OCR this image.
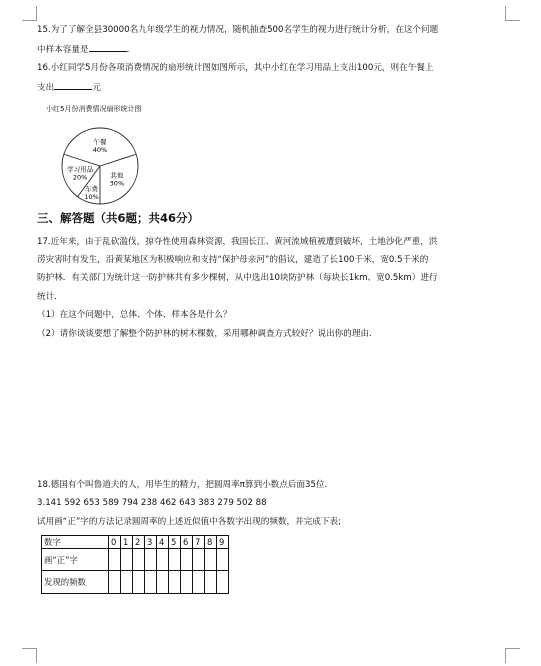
15.为了了解全县30000名九年级学生的视力情况，随机抽查500名学生的视力进行统计分析，在这个问题
中样本容量是	.
16.小红同学5月份各项消费情况的扇形统计图如图所示，其中小红在学习用品上支出100元，则在午餐上
支出	元
小红5月份消费情况扇形统计图
午餐
40%
其他
30%
车费
10%
学习用品
20%
三、解答题（共6题；共46分）
17.近年来，由于乱砍滥伐，掠夺性使用森林资源，我国长江、黄河流域植被遭到破坏，土地沙化严重，洪
涝灾害时有发生，沿黄某地区为积极响应和支持“保护母亲河”的倡议，建造了长100千米，宽0.5千米的
防护林．有关部门为统计这一防护林共有多少棵树，从中选出10块防护林（每块长1km、宽0.5km）进行
统计．
（1）在这个问题中，总体、个体、样本各是什么？
（2）请你谈谈要想了解整个防护林的树木棵数，采用哪种调查方式较好？说出你的理由．
18.德国有个叫鲁道夫的人，用毕生的精力，把圆周率π算到小数点后面35位．
3.141 592 653 589 794 238 462 643 383 279 502 88
试用画“正”字的方法记录圆周率的上述近似值中各数字出现的频数，并完成下表;
数字	0	1	2	3	4	5	6	7	8	9
画“正”字										
发现的频数										
